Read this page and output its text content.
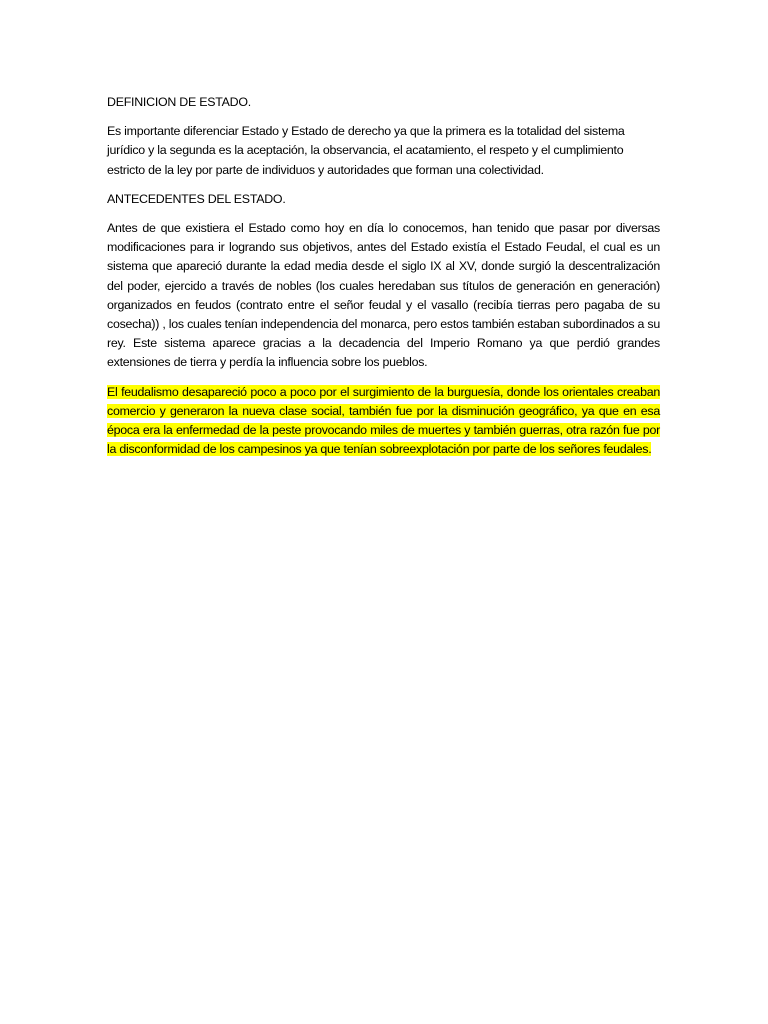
DEFINICION DE ESTADO.

Es importante diferenciar Estado y Estado de derecho ya que la primera es la totalidad del sistema jurídico y la segunda es la aceptación, la observancia, el acatamiento, el respeto y el cumplimiento estricto de la ley por parte de individuos y autoridades que forman una colectividad.

ANTECEDENTES DEL ESTADO.

Antes de que existiera el Estado como hoy en día lo conocemos, han tenido que pasar por diversas modificaciones para ir logrando sus objetivos, antes del Estado existía el Estado Feudal, el cual es un sistema que apareció durante la edad media desde el siglo IX al XV, donde surgió la descentralización del poder, ejercido a través de nobles (los cuales heredaban sus títulos de generación en generación) organizados en feudos (contrato entre el señor feudal y el vasallo (recibía tierras pero pagaba de su cosecha)) , los cuales tenían independencia del monarca, pero estos también estaban subordinados a su rey. Este sistema aparece gracias a la decadencia del Imperio Romano ya que perdió grandes extensiones de tierra y perdía la influencia sobre los pueblos.

El feudalismo desapareció poco a poco por el surgimiento de la burguesía, donde los orientales creaban comercio y generaron la nueva clase social, también fue por la disminución geográfico, ya que en esa época era la enfermedad de la peste provocando miles de muertes y también guerras, otra razón fue por la disconformidad de los campesinos ya que tenían sobreexplotación por parte de los señores feudales.
